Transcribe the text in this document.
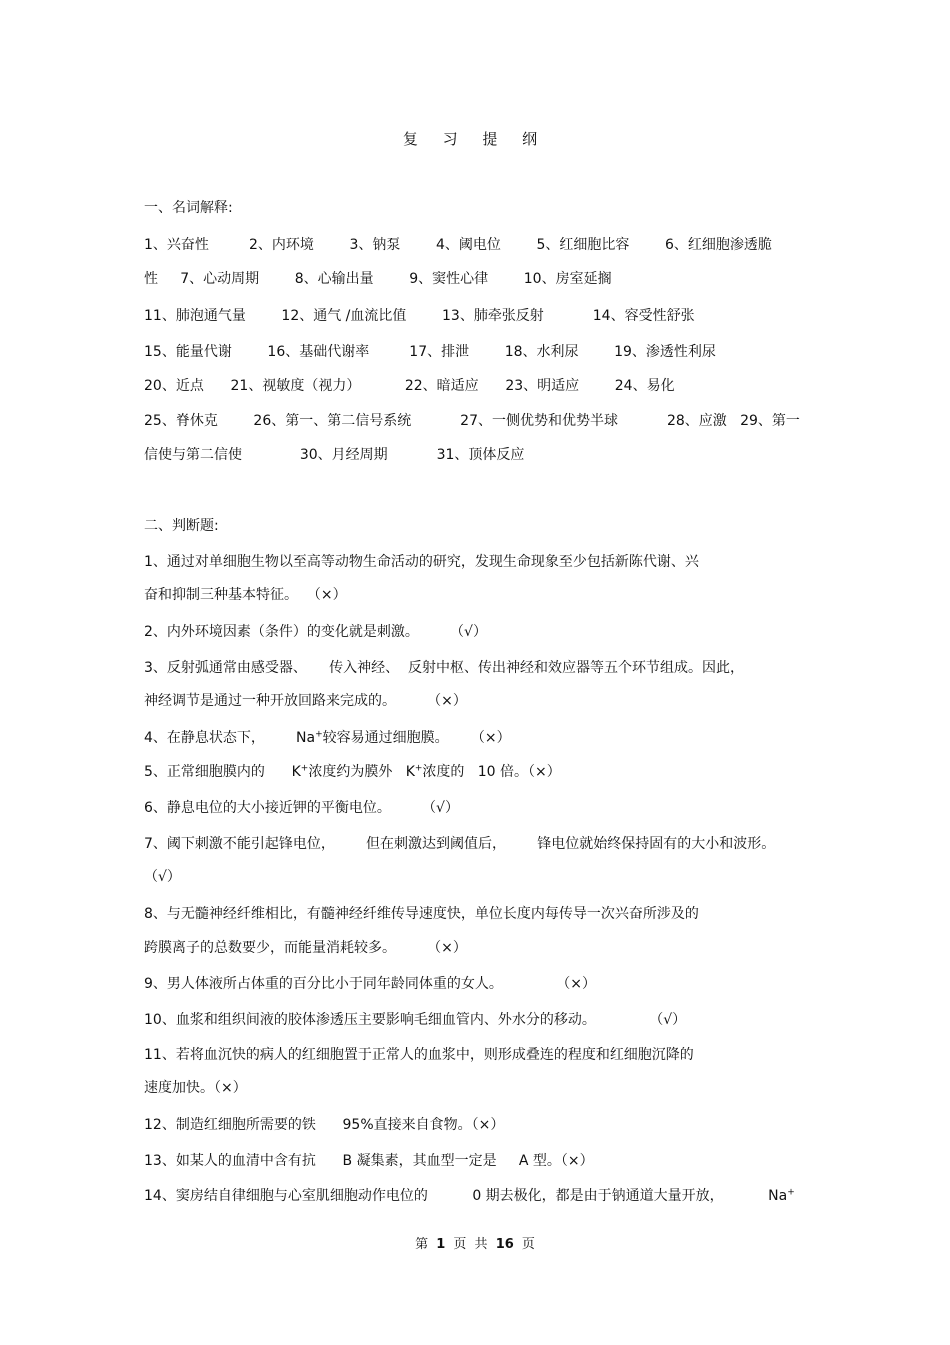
复 习 提 纲
一、名词解释:
1、兴奋性         2、内环境        3、钠泵        4、阈电位        5、红细胞比容        6、红细胞渗透脆
性     7、心动周期        8、心输出量        9、窦性心律        10、房室延搁
11、肺泡通气量        12、通气 /血流比值        13、肺牵张反射           14、容受性舒张
15、能量代谢        16、基础代谢率         17、排泄        18、水利尿        19、渗透性利尿
20、近点      21、视敏度（视力）          22、暗适应      23、明适应        24、易化
25、脊休克        26、第一、第二信号系统           27、一侧优势和优势半球           28、应激   29、第一
信使与第二信使             30、月经周期           31、顶体反应
二、判断题:
1、通过对单细胞生物以至高等动物生命活动的研究，发现生命现象至少包括新陈代谢、兴
奋和抑制三种基本特征。  （×）
2、内外环境因素（条件）的变化就是刺激。       （√）
3、反射弧通常由感受器、     传入神经、  反射中枢、传出神经和效应器等五个环节组成。因此，
神经调节是通过一种开放回路来完成的。       （×）
4、在静息状态下，       Na+较容易通过细胞膜。     （×）
5、正常细胞膜内的      K+浓度约为膜外   K+浓度的   10 倍。（×）
6、静息电位的大小接近钾的平衡电位。       （√）
7、阈下刺激不能引起锋电位，       但在刺激达到阈值后，       锋电位就始终保持固有的大小和波形。
（√）
8、与无髓神经纤维相比，有髓神经纤维传导速度快，单位长度内每传导一次兴奋所涉及的
跨膜离子的总数要少，而能量消耗较多。       （×）
9、男人体液所占体重的百分比小于同年龄同体重的女人。            （×）
10、血浆和组织间液的胶体渗透压主要影响毛细血管内、外水分的移动。            （√）
11、若将血沉快的病人的红细胞置于正常人的血浆中，则形成叠连的程度和红细胞沉降的
速度加快。（×）
12、制造红细胞所需要的铁      95%直接来自食物。（×）
13、如某人的血清中含有抗      B 凝集素，其血型一定是     A 型。（×）
14、窦房结自律细胞与心室肌细胞动作电位的          0 期去极化，都是由于钠通道大量开放，          Na+
第 1 页 共 16 页
